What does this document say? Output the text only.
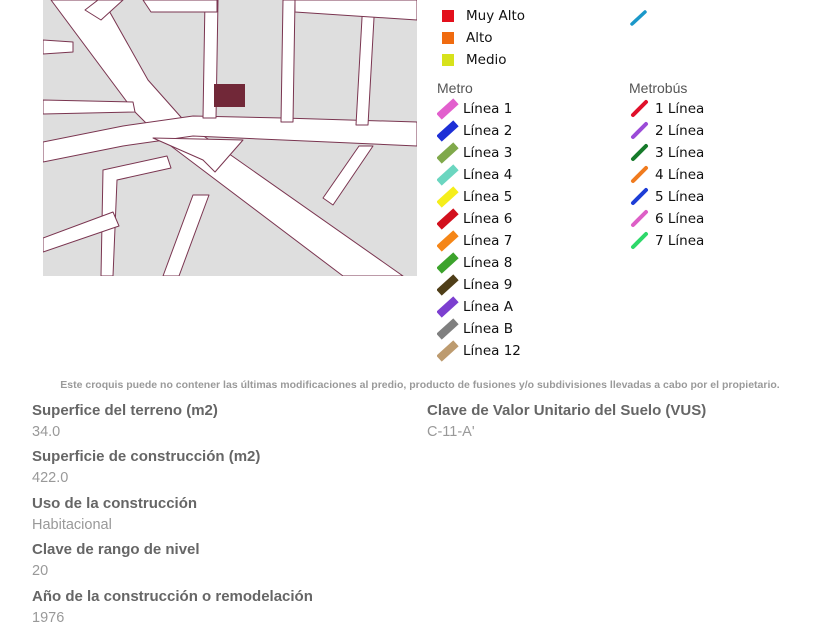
Muy Alto
Alto
Medio
Metro
Línea 1
Línea 2
Línea 3
Línea 4
Línea 5
Línea 6
Línea 7
Línea 8
Línea 9
Línea A
Línea B
Línea 12
Metrobús
1 Línea
2 Línea
3 Línea
4 Línea
5 Línea
6 Línea
7 Línea
Este croquis puede no contener las últimas modificaciones al predio, producto de fusiones y/o subdivisiones llevadas a cabo por el propietario.
Superfice del terreno (m2)
34.0
Superficie de construcción (m2)
422.0
Uso de la construcción
Habitacional
Clave de rango de nivel
20
Año de la construcción o remodelación
1976
Clave de Valor Unitario del Suelo (VUS)
C-11-A'
